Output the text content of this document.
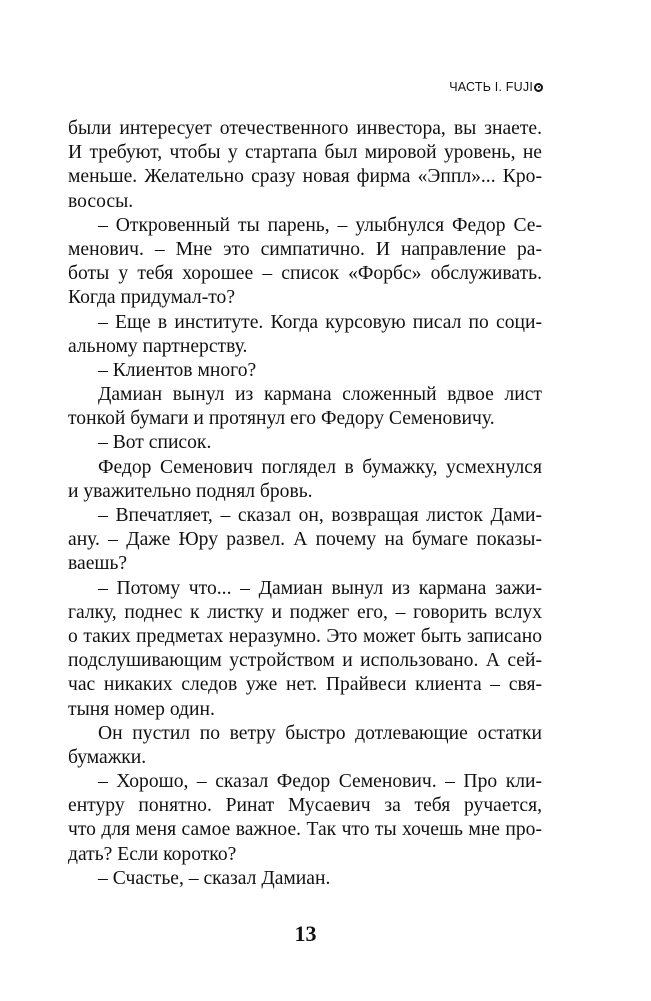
ЧАСТЬ I. FUJI
были интересует отечественного инвестора, вы знаете.
И требуют, чтобы у стартапа был мировой уровень, не
меньше. Желательно сразу новая фирма «Эппл»... Кро-
вососы.
– Откровенный ты парень, – улыбнулся Федор Се-
менович. – Мне это симпатично. И направление ра-
боты у тебя хорошее – список «Форбс» обслуживать.
Когда придумал-то?
– Еще в институте. Когда курсовую писал по соци-
альному партнерству.
– Клиентов много?
Дамиан вынул из кармана сложенный вдвое лист
тонкой бумаги и протянул его Федору Семеновичу.
– Вот список.
Федор Семенович поглядел в бумажку, усмехнулся
и уважительно поднял бровь.
– Впечатляет, – сказал он, возвращая листок Дами-
ану. – Даже Юру развел. А почему на бумаге показы-
ваешь?
– Потому что... – Дамиан вынул из кармана зажи-
галку, поднес к листку и поджег его, – говорить вслух
о таких предметах неразумно. Это может быть записано
подслушивающим устройством и использовано. А сей-
час никаких следов уже нет. Прайвеси клиента – свя-
тыня номер один.
Он пустил по ветру быстро дотлевающие остатки
бумажки.
– Хорошо, – сказал Федор Семенович. – Про кли-
ентуру понятно. Ринат Мусаевич за тебя ручается,
что для меня самое важное. Так что ты хочешь мне про-
дать? Если коротко?
– Счастье, – сказал Дамиан.
13
